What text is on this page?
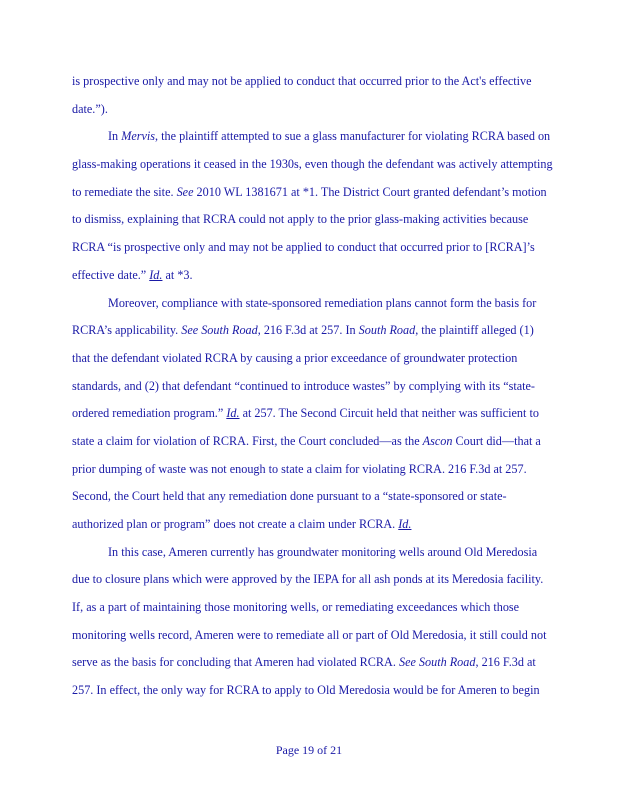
is prospective only and may not be applied to conduct that occurred prior to the Act's effective
date.”).
In Mervis, the plaintiff attempted to sue a glass manufacturer for violating RCRA based on
glass-making operations it ceased in the 1930s, even though the defendant was actively attempting
to remediate the site. See 2010 WL 1381671 at *1. The District Court granted defendant’s motion
to dismiss, explaining that RCRA could not apply to the prior glass-making activities because
RCRA “is prospective only and may not be applied to conduct that occurred prior to [RCRA]’s
effective date.” Id. at *3.
Moreover, compliance with state-sponsored remediation plans cannot form the basis for
RCRA’s applicability. See South Road, 216 F.3d at 257. In South Road, the plaintiff alleged (1)
that the defendant violated RCRA by causing a prior exceedance of groundwater protection
standards, and (2) that defendant “continued to introduce wastes” by complying with its “state-
ordered remediation program.” Id. at 257. The Second Circuit held that neither was sufficient to
state a claim for violation of RCRA. First, the Court concluded—as the Ascon Court did—that a
prior dumping of waste was not enough to state a claim for violating RCRA. 216 F.3d at 257.
Second, the Court held that any remediation done pursuant to a “state-sponsored or state-
authorized plan or program” does not create a claim under RCRA. Id.
In this case, Ameren currently has groundwater monitoring wells around Old Meredosia
due to closure plans which were approved by the IEPA for all ash ponds at its Meredosia facility.
If, as a part of maintaining those monitoring wells, or remediating exceedances which those
monitoring wells record, Ameren were to remediate all or part of Old Meredosia, it still could not
serve as the basis for concluding that Ameren had violated RCRA. See South Road, 216 F.3d at
257. In effect, the only way for RCRA to apply to Old Meredosia would be for Ameren to begin
Page 19 of 21
